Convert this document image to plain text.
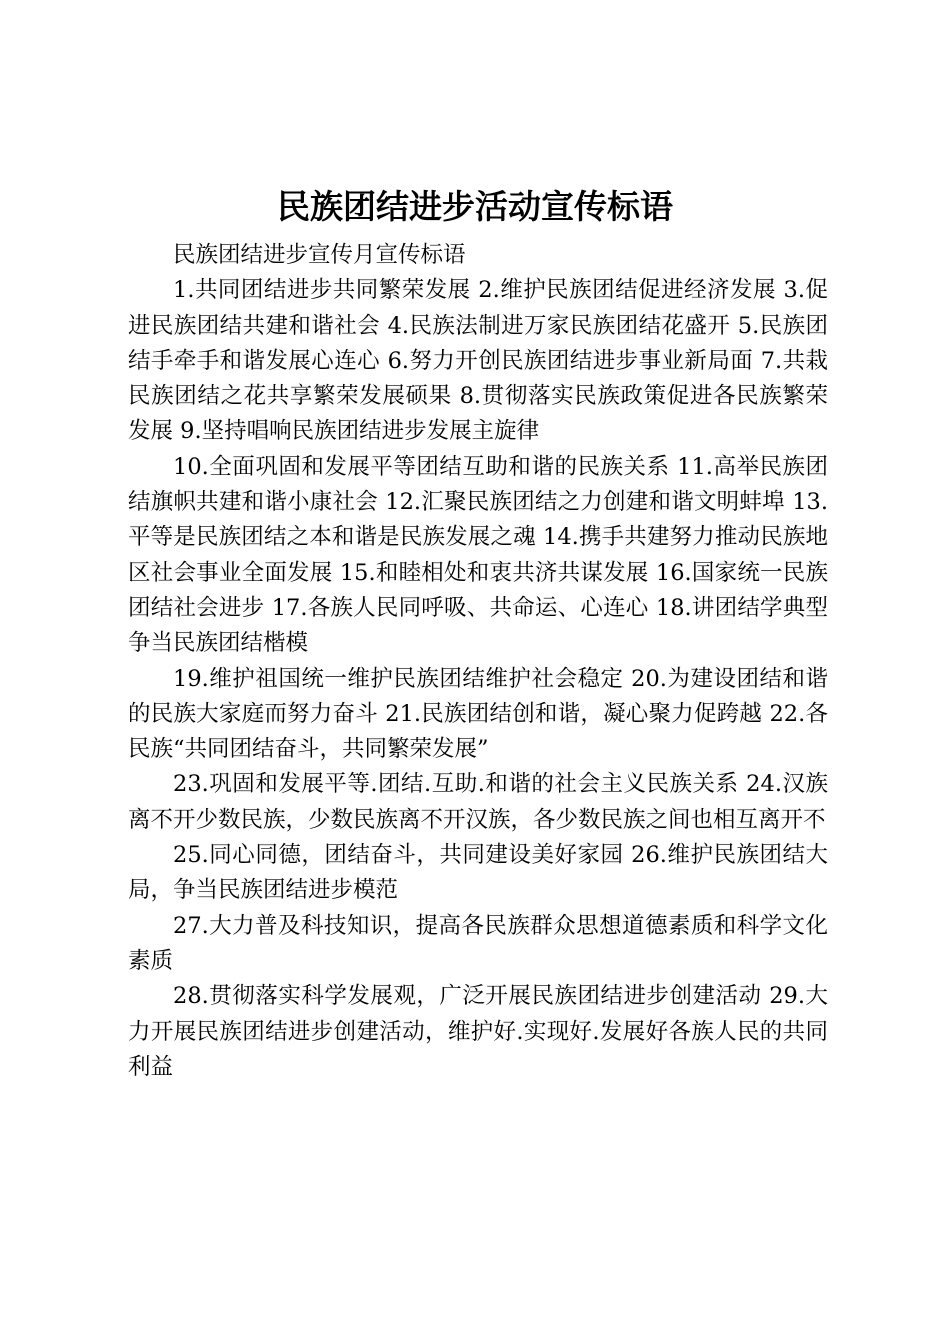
民族团结进步活动宣传标语

民族团结进步宣传月宣传标语

1.共同团结进步共同繁荣发展 2.维护民族团结促进经济发展 3.促进民族团结共建和谐社会 4.民族法制进万家民族团结花盛开 5.民族团结手牵手和谐发展心连心 6.努力开创民族团结进步事业新局面 7.共栽民族团结之花共享繁荣发展硕果 8.贯彻落实民族政策促进各民族繁荣发展 9.坚持唱响民族团结进步发展主旋律

10.全面巩固和发展平等团结互助和谐的民族关系 11.高举民族团结旗帜共建和谐小康社会 12.汇聚民族团结之力创建和谐文明蚌埠 13.平等是民族团结之本和谐是民族发展之魂 14.携手共建努力推动民族地区社会事业全面发展 15.和睦相处和衷共济共谋发展 16.国家统一民族团结社会进步 17.各族人民同呼吸、共命运、心连心 18.讲团结学典型争当民族团结楷模

19.维护祖国统一维护民族团结维护社会稳定 20.为建设团结和谐的民族大家庭而努力奋斗 21.民族团结创和谐，凝心聚力促跨越 22.各民族“共同团结奋斗，共同繁荣发展”

23.巩固和发展平等.团结.互助.和谐的社会主义民族关系 24.汉族离不开少数民族，少数民族离不开汉族，各少数民族之间也相互离开不

25.同心同德，团结奋斗，共同建设美好家园 26.维护民族团结大局，争当民族团结进步模范

27.大力普及科技知识，提高各民族群众思想道德素质和科学文化素质

28.贯彻落实科学发展观，广泛开展民族团结进步创建活动 29.大力开展民族团结进步创建活动，维护好.实现好.发展好各族人民的共同利益
